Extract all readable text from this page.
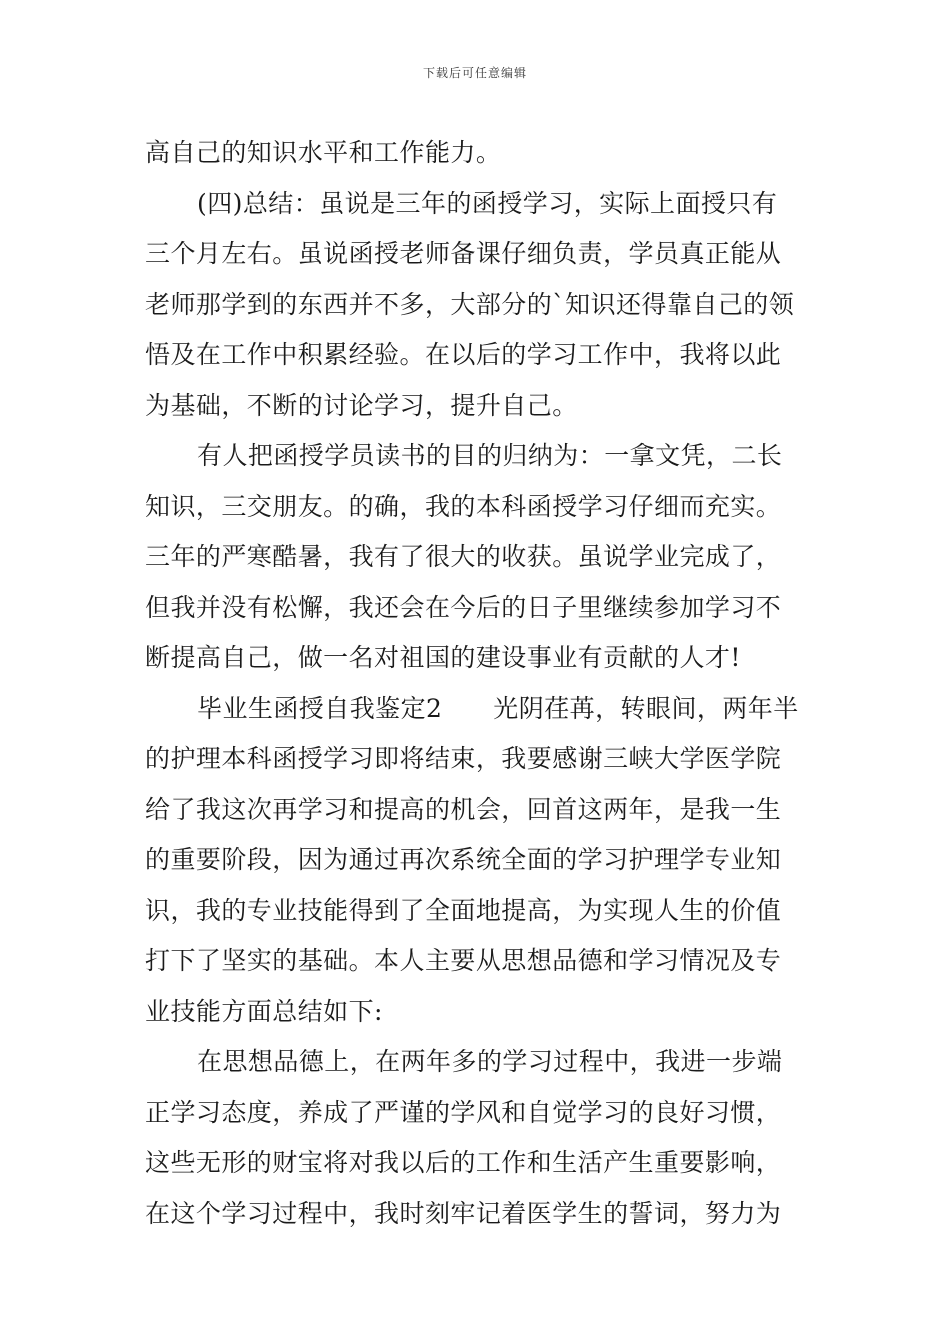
下载后可任意编辑
高自己的知识水平和工作能力。
(四)总结：虽说是三年的函授学习，实际上面授只有
三个月左右。虽说函授老师备课仔细负责，学员真正能从
老师那学到的东西并不多，大部分的`知识还得靠自己的领
悟及在工作中积累经验。在以后的学习工作中，我将以此
为基础，不断的讨论学习，提升自己。
有人把函授学员读书的目的归纳为：一拿文凭，二长
知识，三交朋友。的确，我的本科函授学习仔细而充实。
三年的严寒酷暑，我有了很大的收获。虽说学业完成了，
但我并没有松懈，我还会在今后的日子里继续参加学习不
断提高自己，做一名对祖国的建设事业有贡献的人才!
毕业生函授自我鉴定2　　光阴荏苒，转眼间，两年半
的护理本科函授学习即将结束，我要感谢三峡大学医学院
给了我这次再学习和提高的机会，回首这两年，是我一生
的重要阶段，因为通过再次系统全面的学习护理学专业知
识，我的专业技能得到了全面地提高，为实现人生的价值
打下了坚实的基础。本人主要从思想品德和学习情况及专
业技能方面总结如下:
在思想品德上，在两年多的学习过程中，我进一步端
正学习态度，养成了严谨的学风和自觉学习的良好习惯，
这些无形的财宝将对我以后的工作和生活产生重要影响，
在这个学习过程中，我时刻牢记着医学生的誓词，努力为
